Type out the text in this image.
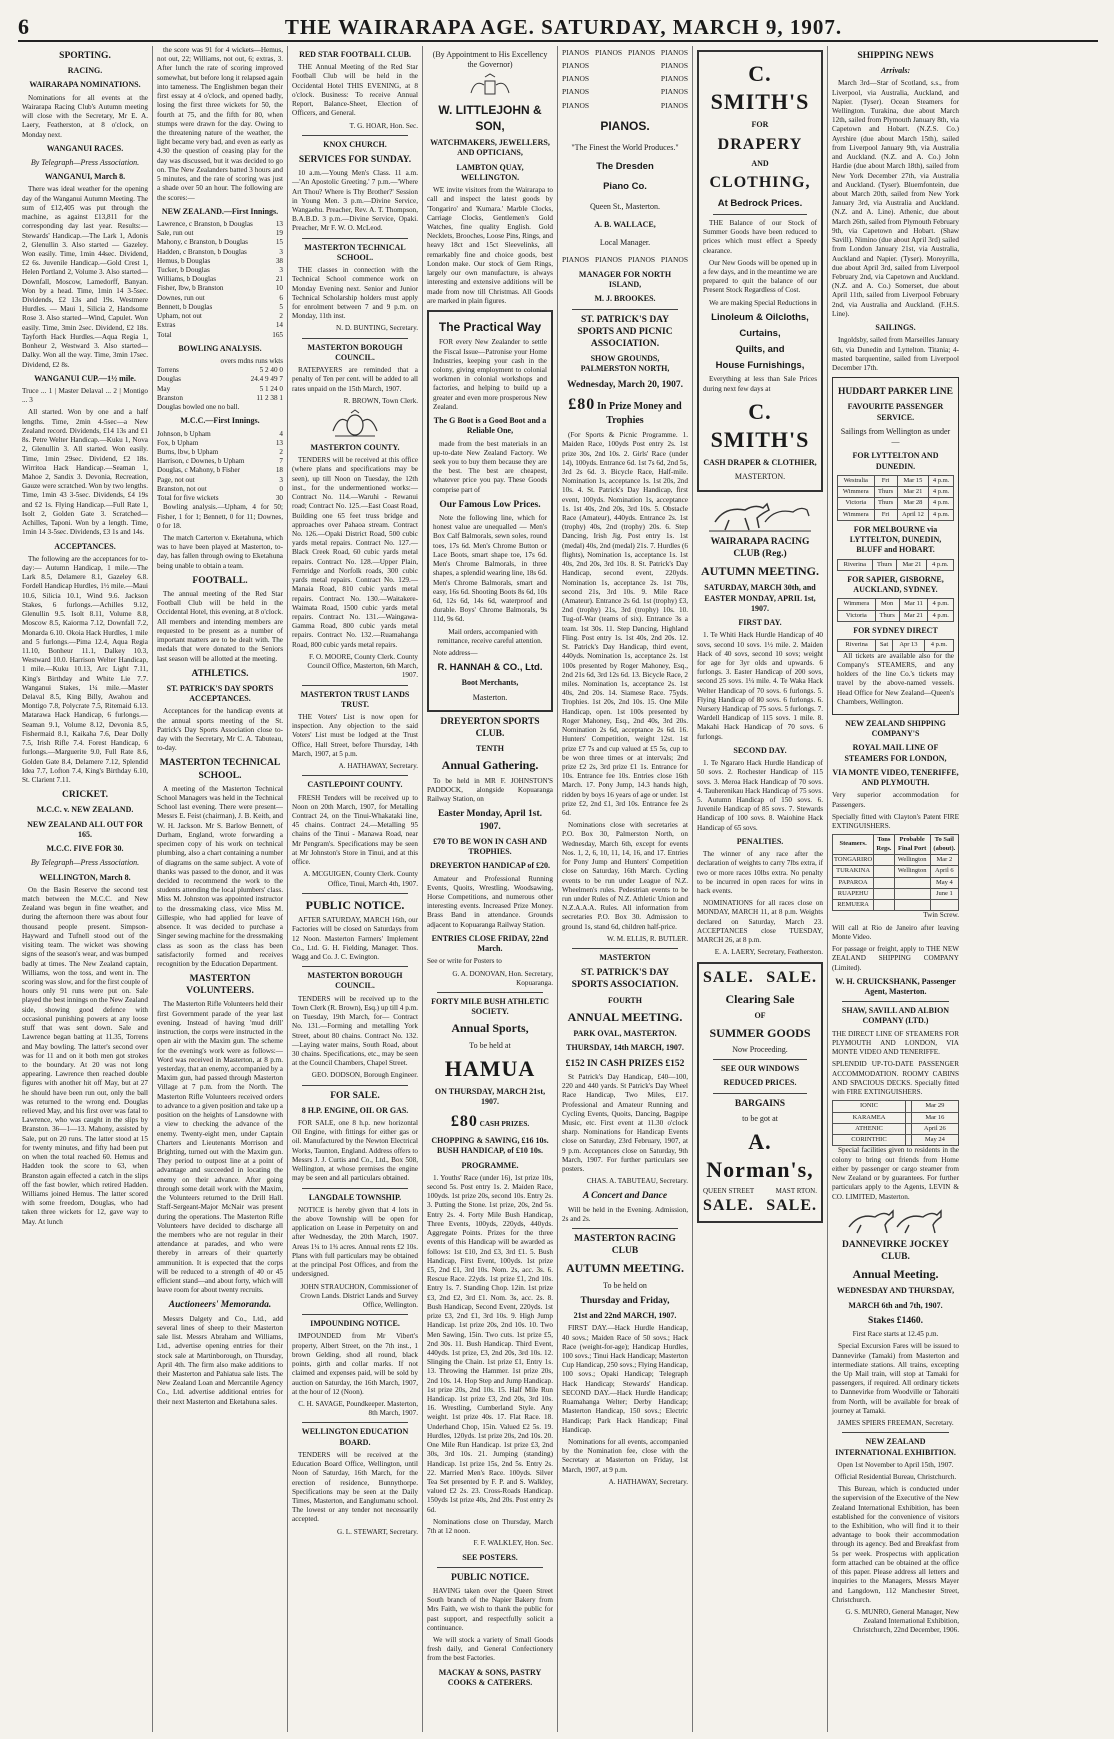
6	THE WAIRARAPA AGE. SATURDAY, MARCH 9, 1907.
SPORTING.
RACING.
WAIRARAPA NOMINATIONS.

Nominations for all events at the Wairarapa Racing Club's Autumn meeting will close with the Secretary, Mr E. A. Laery, Featherston, at 8 o'clock, on Monday next.

WANGANUI RACES.
By Telegraph—Press Association.
WANGANUI, March 8.

There was ideal weather for the opening day of the Wanganui Autumn Meeting. The sum of £12,405 was put through the machine, as against £13,811 for the corresponding day last year. Results:— Stewards' Handicap.—The Lark 1, Adonis 2, Glenullin 3. Also started — Gazeley. Won easily. Time, 1min 44sec. Dividend, £2 6s. Juvenile Handicap.—Gold Crest 1, Helen Portland 2, Volume 3. Also started—Downfall, Moscow, Lamedorff, Banyan. Won by a head. Time, 1min 14 3-5sec. Dividends, £2 13s and 19s. Westmere Hurdles. — Maui 1, Silicia 2, Handsome Rose 3. Also started—Wind, Capulet. Won easily. Time, 3min 2sec. Dividend, £2 18s. Tayforth Hack Hurdles.—Aqua Regia 1, Bonheur 2, Westward 3. Also started—Dalky. Won all the way. Time, 3min 17sec. Dividend, £2 8s.

WANGANUI CUP.—1½ mile.

Truce ... 1 | Master Delaval ... 2 | Montigo ... 3

All started. Won by one and a half lengths. Time, 2min 4-5sec—a New Zealand record. Dividends, £14 13s and £1 8s. Petre Welter Handicap.—Kuku 1, Nova 2, Glenullin 3. All started. Won easily. Time, 1min 29sec. Dividend, £2 18s. Wirritoa Hack Handicap.—Seaman 1, Mahoe 2, Sandix 3. Devonia, Recreation, Gauze were scratched. Won by two lengths. Time, 1min 43 3-5sec. Dividends, £4 19s and £2 1s. Flying Handicap.—Full Rate 1, Isolt 2, Golden Gate 3. Scratched—Achilles, Taponi. Won by a length. Time, 1min 14 3-5sec. Dividends, £3 1s and 14s.

ACCEPTANCES.

The following are the acceptances for to-day:— Autumn Handicap, 1 mile.—The Lark 8.5, Delamere 8.1, Gazeley 6.8. Fordell Handicap Hurdles, 1½ mile.—Maui 10.6, Silicia 10.1, Wind 9.6. Jackson Stakes, 6 furlongs.—Achilles 9.12, Glenullin 9.5. Isolt 8.11, Volume 8.8, Moscow 8.5, Kaiorma 7.12, Downfall 7.2, Monarda 6.10. Okoia Hack Hurdles, 1 mile and 5 furlongs.—Pima 12.4, Aqua Regia 11.10, Bonheur 11.1, Dalkey 10.3, Westward 10.0. Harrison Welter Handicap, 1 mile.—Kuku 10.13, Arc Light 7.11, King's Birthday and White Lie 7.7. Wanganui Stakes, 1¼ mile.—Master Delaval 8.5, King Billy, Awahou and Montigo 7.8, Polycrate 7.5, Ritemaid 6.13. Matarawa Hack Handicap, 6 furlongs.—Seaman 9.1, Volume 8.12, Devonia 8.5, Fishermaid 8.1, Kaikaha 7.6, Dear Dolly 7.5, Irish Rifle 7.4. Forest Handicap, 6 furlongs.—Marguerite 9.0, Full Rate 8.6, Golden Gate 8.4, Delamere 7.12, Splendid Idea 7.7, Lofton 7.4, King's Birthday 6.10, St. Clarient 7.11.

CRICKET.
M.C.C. v. NEW ZEALAND.
NEW ZEALAND ALL OUT FOR 165.
M.C.C. FIVE FOR 30.
By Telegraph—Press Association.
WELLINGTON, March 8.

On the Basin Reserve the second test match between the M.C.C. and New Zealand was begun in fine weather, and during the afternoon there was about four thousand people present. Simpson-Hayward and Tufnell stood out of the visiting team. The wicket was showing signs of the season's wear, and was bumped badly at times. The New Zealand captain, Williams, won the toss, and went in. The scoring was slow, and for the first couple of hours only 91 runs were put on. Sale played the best innings on the New Zealand side, showing good defence with occasional punishing powers at any loose stuff that was sent down. Sale and Lawrence began batting at 11.35, Torrens and May bowling. The latter's second over was for 11 and on it both men got strokes to the boundary. At 20 was not long appearing. Lawrence then reached double figures with another hit off May, but at 27 he should have been run out, only the ball was returned to the wrong end. Douglas relieved May, and his first over was fatal to Lawrence, who was caught in the slips by Branston. 36—1—13. Mahony, assisted by Sale, put on 20 runs. The latter stood at 15 for twenty minutes, and fifty had been put on when the total reached 60. Hemus and Hadden took the score to 63, when Branston again effected a catch in the slips off the fast bowler, which retired Hadden. Williams joined Hemus. The latter scored with some freedom, Douglas, who had taken three wickets for 12, gave way to May. At lunch

the score was 91 for 4 wickets—Hemus, not out, 22; Williams, not out, 6; extras, 3. After lunch the rate of scoring improved somewhat, but before long it relapsed again into tameness. The Englishmen began their first essay at 4 o'clock, and opened badly, losing the first three wickets for 50, the fourth at 75, and the fifth for 80, when stumps were drawn for the day. Owing to the threatening nature of the weather, the light became very bad, and even as early as 4.30 the question of ceasing play for the day was discussed, but it was decided to go on. The New Zealanders batted 3 hours and 5 minutes, and the rate of scoring was just a shade over 50 an hour. The following are the scores:—

NEW ZEALAND.—First Innings.
Lawrence, c Branston, b Douglas	13
Sale, run out	19
Mahony, c Branston, b Douglas	15
Hadden, c Branston, b Douglas	3
Hemus, b Douglas	38
Tucker, b Douglas	3
Williams, b Douglas	21
Fisher, lbw, b Branston	10
Downes, run out	6
Bennett, b Douglas	5
Upham, not out	2
Extras	14
Total	165
BOWLING ANALYSIS.
overs mdns runs wkts
Torrens	5 2 40 0
Douglas	24.4 9 49 7
May	5 1 24 0
Branston	11 2 38 1

Douglas bowled one no ball.

M.C.C.—First Innings.
Johnson, b Upham	4
Fox, b Upham	13
Burns, lbw, b Upham	2
Harrison, c Downes, b Upham	7
Douglas, c Mahony, b Fisher	18
Page, not out	3
Branston, not out	0
Total for five wickets	30

Bowling analysis.—Upham, 4 for 50; Fisher, 1 for 1; Bennett, 0 for 11; Downes, 0 for 18.

The match Carterton v. Eketahuna, which was to have been played at Masterton, to-day, has fallen through owing to Eketahuna being unable to obtain a team.

FOOTBALL.

The annual meeting of the Red Star Football Club will be held in the Occidental Hotel, this evening, at 8 o'clock. All members and intending members are requested to be present as a number of important matters are to be dealt with. The medals that were donated to the Seniors last season will be allotted at the meeting.

ATHLETICS.
ST. PATRICK'S DAY SPORTS ACCEPTANCES.

Acceptances for the handicap events at the annual sports meeting of the St. Patrick's Day Sports Association close to-day with the Secretary, Mr C. A. Tabuteau, to-day.

MASTERTON TECHNICAL SCHOOL.

A meeting of the Masterton Technical School Managers was held in the Technical School last evening. There were present—Messrs E. Feist (chairman), J. B. Keith, and W. H. Jackson. Mr S. Barlow Bennett, of Durham, England, wrote forwarding a specimen copy of his work on technical plumbing, also a chart containing a number of diagrams on the same subject. A vote of thanks was passed to the donor, and it was decided to recommend the work to the students attending the local plumbers' class. Miss M. Johnston was appointed instructor to the dressmaking class, vice Miss M. Gillespie, who had applied for leave of absence. It was decided to purchase a Singer sewing machine for the dressmaking class as soon as the class has been satisfactorily formed and receives recognition by the Education Department.

MASTERTON VOLUNTEERS.

The Masterton Rifle Volunteers held their first Government parade of the year last evening. Instead of having 'mud drill' instruction, the corps were instructed in the open air with the Maxim gun. The scheme for the evening's work were as follows:—Word was received in Masterton, at 8 p.m. yesterday, that an enemy, accompanied by a Maxim gun, had passed through Masterton Village at 7 p.m. from the North. The Masterton Rifle Volunteers received orders to advance to a given position and take up a position on the heights of Lansdowne with a view to checking the advance of the enemy. Twenty-eight men, under Captain Charters and Lieutenants Morrison and Brighting, turned out with the Maxim gun. They period to outpost line at a point of advantage and succeeded in locating the enemy on their advance. After going through some detail work with the Maxim, the Volunteers returned to the Drill Hall. Staff-Sergeant-Major McNair was present during the operations. The Masterton Rifle Volunteers have decided to discharge all the members who are not regular in their attendance at parades, and who were thereby in arrears of their quarterly ammunition. It is expected that the corps will be reduced to a strength of 40 or 45 efficient stand—and about forty, which will leave room for about twenty recruits.

Auctioneers' Memoranda.

Messrs Dalgety and Co., Ltd., add several lines of sheep to their Masterton sale list. Messrs Abraham and Williams, Ltd., advertise opening entries for their stock sale at Martinborough, on Thursday, April 4th. The firm also make additions to their Masterton and Pahiatua sale lists. The New Zealand Loan and Mercantile Agency Co., Ltd. advertise additional entries for their next Masterton and Eketahuna sales.

RED STAR FOOTBALL CLUB.

THE Annual Meeting of the Red Star Football Club will be held in the Occidental Hotel THIS EVENING, at 8 o'clock. Business: To receive Annual Report, Balance-Sheet, Election of Officers, and General.

T. G. HOAR, Hon. Sec.

KNOX CHURCH.
SERVICES FOR SUNDAY.

10 a.m.—Young Men's Class. 11 a.m.—'An Apostolic Greeting.' 7 p.m.—'Where Art Thou? Where is Thy Brother?' Session in Young Men. 3 p.m.—Divine Service, Wangaehu. Preacher, Rev. A. T. Thompson, B.A.B.D. 3 p.m.—Divine Service, Opaki. Preacher, Mr F. W. O. McLeod.

MASTERTON TECHNICAL SCHOOL.

THE classes in connection with the Technical School commence work on Monday Evening next. Senior and Junior Technical Scholarship holders must apply for enrolment between 7 and 9 p.m. on Monday, 11th inst.

N. D. BUNTING, Secretary.

MASTERTON BOROUGH COUNCIL.

RATEPAYERS are reminded that a penalty of Ten per cent. will be added to all rates unpaid on the 15th March, 1907.

R. BROWN, Town Clerk.

MASTERTON COUNTY.

TENDERS will be received at this office (where plans and specifications may be seen), up till Noon on Tuesday, the 12th inst., for the undermentioned works:— Contract No. 114.—Waruhi - Rewanui road; Contract No. 125.—East Coast Road, Building one 65 feet truss bridge and approaches over Pahaoa stream. Contract No. 126.—Opaki District Road, 500 cubic yards metal repairs. Contract No. 127.—Black Creek Road, 60 cubic yards metal repairs. Contract No. 128.—Upper Plain, Fernridge and Norfolk roads, 300 cubic yards metal repairs. Contract No. 129.—Manaia Road, 810 cubic yards metal repairs. Contract No. 130.—Waitakere-Waimata Road, 1500 cubic yards metal repairs. Contract No. 131.—Waingawa-Gamma Road, 800 cubic yards metal repairs. Contract No. 132.—Ruamahanga Road, 800 cubic yards metal repairs.

F. O. MOORE, County Clerk. County Council Office, Masterton, 6th March, 1907.

MASTERTON TRUST LANDS TRUST.

THE Voters' List is now open for inspection. Any objection to the said Voters' List must be lodged at the Trust Office, Hall Street, before Thursday, 14th March, 1907, at 5 p.m.

A. HATHAWAY, Secretary.

CASTLEPOINT COUNTY.

FRESH Tenders will be received up to Noon on 20th March, 1907, for Metalling Contract 24, on the Tinui-Whakataki line, 45 chains. Contract 24.—Metalling 95 chains of the Tinui - Manawa Road, near Mr Pengram's. Specifications may be seen at Mr Johnston's Store in Tinui, and at this office.

A. MCGUIGEN, County Clerk. County Office, Tinui, March 4th, 1907.

PUBLIC NOTICE.

AFTER SATURDAY, MARCH 16th, our Factories will be closed on Saturdays from 12 Noon. Masterton Farmers' Implement Co., Ltd. G. H. Fielding, Manager. Thos. Wagg and Co. J. C. Ewington.

MASTERTON BOROUGH COUNCIL.

TENDERS will be received up to the Town Clerk (R. Brown), Esq.) up till 4 p.m. on Tuesday, 19th March, for— Contract No. 131.—Forming and metalling York Street, about 80 chains. Contract No. 132.—Laying water mains, South Road, about 30 chains. Specifications, etc., may be seen at the Council Chambers, Chapel Street.

GEO. DODSON, Borough Engineer.

FOR SALE.
8 H.P. ENGINE, OIL OR GAS.

FOR SALE, one 8 h.p. new horizontal Oil Engine, with fittings for either gas or oil. Manufactured by the Newton Electrical Works, Taunton, England. Address offers to Messrs J. J. Curtis and Co., Ltd., Box 508, Wellington, at whose premises the engine may be seen and all particulars obtained.

LANGDALE TOWNSHIP.

NOTICE is hereby given that 4 lots in the above Township will be open for application on Lease in Perpetuity on and after Wednesday, the 20th March, 1907. Areas 1¼ to 1¾ acres. Annual rents £2 10s. Plans with full particulars may be obtained at the principal Post Offices, and from the undersigned.

JOHN STRAUCHON, Commissioner of Crown Lands. District Lands and Survey Office, Wellington.

IMPOUNDING NOTICE.

IMPOUNDED from Mr Vibert's property, Albert Street, on the 7th inst., 1 brown Gelding, shod all round, black points, girth and collar marks. If not claimed and expenses paid, will be sold by auction on Saturday, the 16th March, 1907, at the hour of 12 (Noon).

C. H. SAVAGE, Poundkeeper. Masterton, 8th March, 1907.

WELLINGTON EDUCATION BOARD.

TENDERS will be received at the Education Board Office, Wellington, until Noon of Saturday, 16th March, for the erection of residence, Bunnythorpe. Specifications may be seen at the Daily Times, Masterton, and Eanglumanu school. The lowest or any tender not necessarily accepted.

G. L. STEWART, Secretary.

(By Appointment to His Excellency the Governor)
W. LITTLEJOHN & SON,
WATCHMAKERS, JEWELLERS, AND OPTICIANS,
LAMBTON QUAY, WELLINGTON.

WE invite visitors from the Wairarapa to call and inspect the latest goods by 'Tongariro' and 'Kumara.' Marble Clocks, Carriage Clocks, Gentlemen's Gold Watches, fine quality English. Gold Necklets, Brooches, Loose Pins, Rings, and heavy 18ct and 15ct Sleevelinks, all remarkably fine and choice goods, best London make. Our stock of Gem Rings, largely our own manufacture, is always interesting and extensive additions will be made from now till Christmas. All Goods are marked in plain figures.

The Practical Way

FOR every New Zealander to settle the Fiscal Issue—Patronise your Home Industries, keeping your cash in the colony, giving employment to colonial workmen in colonial workshops and factories, and helping to build up a greater and even more prosperous New Zealand.

The G Boot is a Good Boot and a Reliable One,

made from the best materials in an up-to-date New Zealand Factory. We seek you to buy them because they are the best. The best are cheapest, whatever price you pay. These Goods comprise part of

Our Famous Low Prices.

Note the following line, which for honest value are unequalled — Men's Box Calf Balmorals, sewn soles, round toes, 17s 6d. Men's Chrome Button or Lace Boots, smart shape toe, 17s 6d. Men's Chrome Balmorals, in three shapes, a splendid wearing line, 18s 6d. Men's Chrome Balmorals, smart and easy, 16s 6d. Shooting Boots 8s 6d, 10s 6d, 12s 6d, 14s 6d, waterproof and durable. Boys' Chrome Balmorals, 9s 11d, 9s 6d.

Mail orders, accompanied with remittance, receive careful attention.

Note address—

R. HANNAH & CO., Ltd.
Boot Merchants,
Masterton.
DREYERTON SPORTS CLUB.
TENTH
Annual Gathering.

To be held in MR F. JOHNSTON'S PADDOCK, alongside Kopuaranga Railway Station, on

Easter Monday, April 1st. 1907.
£70 TO BE WON IN CASH AND TROPHIES.
DREYERTON HANDICAP of £20.

Amateur and Professional Running Events, Quoits, Wrestling, Woodsawing, Horse Competitions, and numerous other interesting events. Increased Prize Money. Brass Band in attendance. Grounds adjacent to Kopuaranga Railway Station.

ENTRIES CLOSE FRIDAY, 22nd March.

See or write for Posters to

G. A. DONOVAN, Hon. Secretary, Kopuaranga.

FORTY MILE BUSH ATHLETIC SOCIETY.
Annual Sports,
To be held at
HAMUA
ON THURSDAY, MARCH 21st, 1907.
£80 CASH PRIZES.
CHOPPING & SAWING, £16 10s. BUSH HANDICAP, of £10 10s.
PROGRAMME.

1. Youths' Race (under 16), 1st prize 10s, second 5s. Post entry 1s. 2. Maiden Race, 100yds. 1st prize 20s, second 10s. Entry 2s. 3. Putting the Stone. 1st prize, 20s, 2nd 5s. Entry 2s. 4. Forty Mile Bush Handicap, Three Events, 100yds, 220yds, 440yds. Aggregate Points. Prizes for the three events of this Handicap will be awarded as follows: 1st £10, 2nd £3, 3rd £1. 5. Bush Handicap, First Event, 100yds. 1st prize £5, 2nd £1, 3rd 10s. Nom. 2s, acc. 3s. 6. Rescue Race. 22yds. 1st prize £1, 2nd 10s. Entry 1s. 7. Standing Chop. 12in. 1st prize £3, 2nd £2, 3rd £1. Nom. 3s, acc. 2s. 8. Bush Handicap, Second Event, 220yds. 1st prize £3, 2nd £1, 3rd 10s. 9. High Jump Handicap. 1st prize 20s, 2nd 10s. 10. Two Men Sawing, 15in. Two cuts. 1st prize £5, 2nd 30s. 11. Bush Handicap. Third Event, 440yds. 1st prize, £3, 2nd 20s, 3rd 10s. 12. Slinging the Chain. 1st prize £1, Entry 1s. 13. Throwing the Hammer. 1st prize 20s, 2nd 10s. 14. Hop Step and Jump Handicap. 1st prize 20s, 2nd 10s. 15. Half Mile Run Handicap. 1st prize £3, 2nd 20s, 3rd 10s. 16. Wrestling, Cumberland Style. Any weight. 1st prize 40s. 17. Flat Race. 18. Underhand Chop, 15in. Valued £2 5s. 19. Hurdles, 120yds. 1st prize 20s, 2nd 10s. 20. One Mile Run Handicap. 1st prize £3, 2nd 30s, 3rd 10s. 21. Jumping (standing) Handicap. 1st prize 15s, 2nd 5s. Entry 2s. 22. Married Men's Race. 100yds. Silver Tea Set presented by F. P. and S. Walkley, valued £2 2s. 23. Cross-Roads Handicap. 150yds 1st prize 40s, 2nd 20s. Post entry 2s 6d.

Nominations close on Thursday, March 7th at 12 noon.

F. F. WALKLEY, Hon. Sec.

SEE POSTERS.
PUBLIC NOTICE.

HAVING taken over the Queen Street South branch of the Napier Bakery from Mrs Faith, we wish to thank the public for past support, and respectfully solicit a continuance.

We will stock a variety of Small Goods fresh daily, and General Confectionery from the best Factories.

MACKAY & SONS, PASTRY COOKS & CATERERS.
PIANOS PIANOS PIANOS PIANOS
PIANOS	PIANOS
PIANOS	PIANOS
PIANOS	PIANOS
PIANOS	PIANOS
PIANOS.
"The Finest the World Produces."
The Dresden
Piano Co.
Queen St., Masterton.
A. B. WALLACE,
Local Manager.
PIANOS PIANOS PIANOS PIANOS
MANAGER FOR NORTH ISLAND,
M. J. BROOKES.
ST. PATRICK'S DAY SPORTS AND PICNIC ASSOCIATION.
SHOW GROUNDS, PALMERSTON NORTH,
Wednesday, March 20, 1907.
£80 In Prize Money and Trophies

(For Sports & Picnic Programme. 1. Maiden Race, 100yds Post entry 2s. 1st prize 30s, 2nd 10s. 2. Girls' Race (under 14), 100yds. Entrance 6d. 1st 7s 6d, 2nd 5s, 3rd 2s 6d. 3. Bicycle Race, Half-mile. Nomination 1s, acceptance 1s. 1st 20s, 2nd 10s. 4. St. Patrick's Day Handicap, first event, 100yds. Nomination 1s, acceptance 1s. 1st 40s, 2nd 20s, 3rd 10s. 5. Obstacle Race (Amateur), 440yds. Entrance 2s. 1st (trophy) 40s, 2nd (trophy) 20s. 6. Step Dancing, Irish Jig. Post entry 1s. 1st (medal) 40s, 2nd (medal) 21s. 7. Hurdles (6 flights), Nomination 1s, acceptance 1s. 1st 40s, 2nd 20s, 3rd 10s. 8. St. Patrick's Day Handicap, second event, 220yds. Nomination 1s, acceptance 2s. 1st 70s, second 21s, 3rd 10s. 9. Mile Race (Amateur). Entrance 2s 6d. 1st (trophy) £3, 2nd (trophy) 21s, 3rd (trophy) 10s. 10. Tug-of-War (teams of six). Entrance 3s a team. 1st 30s. 11. Step Dancing, Highland Fling. Post entry 1s. 1st 40s, 2nd 20s. 12. St. Patrick's Day Handicap, third event, 440yds. Nomination 1s, acceptance 2s. 1st 100s presented by Roger Mahoney, Esq., 2nd 21s 6d, 3rd 12s 6d. 13. Bicycle Race, 2 miles. Nomination 1s, acceptance 2s. 1st 40s, 2nd 20s. 14. Siamese Race. 75yds. Trophies. 1st 20s, 2nd 10s. 15. One Mile Handicap, open. 1st 100s presented by Roger Mahoney, Esq., 2nd 40s, 3rd 20s. Nomination 2s 6d, acceptance 2s 6d. 16. Hunters' Competition, weight 12st. 1st prize £7 7s and cup valued at £5 5s, cup to be won three times or at intervals; 2nd prize £2 2s, 3rd prize £1 1s. Entrance for 10s. Entrance fee 10s. Entries close 16th March. 17. Pony Jump, 14.3 hands high, ridden by boys 16 years of age or under. 1st prize £2, 2nd £1, 3rd 10s. Entrance fee 2s 6d.

Nominations close with secretaries at P.O. Box 30, Palmerston North, on Wednesday, March 6th, except for events Nos. 1, 2, 6, 10, 11, 14, 16, and 17. Entries for Pony Jump and Hunters' Competition close on Saturday, 16th March. Cycling events to be run under League of N.Z. Wheelmen's rules. Pedestrian events to be run under Rules of N.Z. Athletic Union and N.Z.A.A.A. Rules. All information from secretaries P.O. Box 30. Admission to ground 1s, stand 6d, children half-price.

W. M. ELLIS, R. BUTLER.

MASTERTON
ST. PATRICK'S DAY SPORTS ASSOCIATION.
FOURTH
ANNUAL MEETING.
PARK OVAL, MASTERTON.
THURSDAY, 14th MARCH, 1907.
£152 IN CASH PRIZES £152

St Patrick's Day Handicap, £40—100, 220 and 440 yards. St Patrick's Day Wheel Race Handicap, Two Miles, £17. Professional and Amateur Running and Cycling Events, Quoits, Dancing, Bagpipe Music, etc. First event at 11.30 o'clock sharp. Nominations for Handicap Events close on Saturday, 23rd February, 1907, at 9 p.m. Acceptances close on Saturday, 9th March, 1907. For further particulars see posters.

CHAS. A. TABUTEAU, Secretary.

A Concert and Dance

Will be held in the Evening. Admission, 2s and 2s.

MASTERTON RACING CLUB
AUTUMN MEETING.
To be held on
Thursday and Friday,
21st and 22nd MARCH, 1907.

FIRST DAY.—Hack Hurdle Handicap, 40 sovs.; Maiden Race of 50 sovs.; Hack Race (weight-for-age); Handicap Hurdles, 100 sovs.; Tinui Hack Handicap; Masterton Cup Handicap, 250 sovs.; Flying Handicap, 100 sovs.; Opaki Handicap; Telegraph Hack Handicap; Stewards' Handicap. SECOND DAY.—Hack Hurdle Handicap; Ruamahanga Welter; Derby Handicap; Masterton Handicap, 150 sovs.; Electric Handicap; Park Hack Handicap; Final Handicap.

Nominations for all events, accompanied by the Nomination fee, close with the Secretary at Masterton on Friday, 1st March, 1907, at 9 p.m.

A. HATHAWAY, Secretary.

C. SMITH'S
FOR
DRAPERY
AND
CLOTHING,
At Bedrock Prices.

THE Balance of our Stock of Summer Goods have been reduced to prices which must effect a Speedy clearance.

Our New Goods will be opened up in a few days, and in the meantime we are prepared to quit the balance of our Present Stock Regardless of Cost.

We are making Special Reductions in

Linoleum & Oilcloths,
Curtains,
Quilts, and
House Furnishings,

Everything at less than Sale Prices during next few days at

C. SMITH'S
CASH DRAPER & CLOTHIER,
MASTERTON.
WAIRARAPA RACING CLUB (Reg.)
AUTUMN MEETING.
SATURDAY, MARCH 30th, and EASTER MONDAY, APRIL 1st, 1907.
FIRST DAY.

1. Te Whiti Hack Hurdle Handicap of 40 sovs, second 10 sovs. 1½ mile. 2. Maiden Hack of 40 sovs, second 10 sovs; weight for age for 3yr olds and upwards. 6 furlongs. 3. Easter Handicap of 200 sovs, second 25 sovs. 1¼ mile. 4. Te Waka Hack Welter Handicap of 70 sovs. 6 furlongs. 5. Flying Handicap of 80 sovs. 6 furlongs. 6. Nursery Handicap of 75 sovs. 5 furlongs. 7. Wardell Handicap of 115 sovs. 1 mile. 8. Makahi Hack Handicap of 70 sovs. 6 furlongs.

SECOND DAY.

1. Te Ngararo Hack Hurdle Handicap of 50 sovs. 2. Rochester Handicap of 115 sovs. 3. Meroa Hack Handicap of 70 sovs. 4. Tauherenikau Hack Handicap of 75 sovs. 5. Autumn Handicap of 150 sovs. 6. Juvenile Handicap of 85 sovs. 7. Stewards Handicap of 100 sovs. 8. Waiohine Hack Handicap of 65 sovs.

PENALTIES.

The winner of any race after the declaration of weights to carry 7lbs extra, if two or more races 10lbs extra. No penalty to be incurred in open races for wins in hack events.

NOMINATIONS for all races close on MONDAY, MARCH 11, at 8 p.m. Weights declared on Saturday, March 23. ACCEPTANCES close TUESDAY, MARCH 26, at 8 p.m.

E. A. LAERY, Secretary, Featherston.

SALE. SALE.
Clearing Sale
OF
SUMMER GOODS
Now Proceeding.
SEE OUR WINDOWS
REDUCED PRICES.
BARGAINS
to be got at
A. Norman's,
QUEEN STREET	MAST RTON.
SALE. SALE.
SHIPPING NEWS
Arrivals:

March 3rd—Star of Scotland, s.s., from Liverpool, via Australia, Auckland, and Napier. (Tyser). Ocean Steamers for Wellington. Turakina, due about March 12th, sailed from Plymouth January 8th, via Capetown and Hobart. (N.Z.S. Co.) Ayrshire (due about March 15th), sailed from Liverpool January 9th, via Australia and Auckland. (N.Z. and A. Co.) John Hardie (due about March 18th), sailed from New York December 27th, via Australia and Auckland. (Tyser). Bluemfontein, due about March 20th, sailed from New York January 3rd, via Australia and Auckland. (N.Z. and A. Line). Athenic, due about March 26th, sailed from Plymouth February 9th, via Capetown and Hobart. (Shaw Savill). Nimino (due about April 3rd) sailed from London January 21st, via Australia, Auckland and Napier. (Tyser). Moreyrilla, due about April 3rd, sailed from Liverpool February 2nd, via Capetown and Auckland. (N.Z. and A. Co.) Somerset, due about April 11th, sailed from Liverpool February 2nd, via Australia and Auckland. (F.H.S. Line).

SAILINGS.

Ingoldsby, sailed from Marseilles January 6th, via Dunedin and Lyttelton. Titania; 4-masted barquentine, sailed from Liverpool December 17th.

HUDDART PARKER LINE
FAVOURITE PASSENGER SERVICE.
Sailings from Wellington as under —
FOR LYTTELTON AND DUNEDIN.
Westralia	Fri	Mar 15	4 p.m.
Wimmera	Thurs	Mar 21	4 p.m.
Victoria	Thurs	Mar 28	4 p.m.
Wimmera	Fri	April 12	4 p.m.
FOR MELBOURNE via LYTTELTON, DUNEDIN, BLUFF and HOBART.
Riverina	Thurs	Mar 21	4 p.m.
FOR SAPIER, GISBORNE, AUCKLAND, SYDNEY.
Wimmera	Mon	Mar 11	4 p.m.
Victoria	Thurs	Mar 21	4 p.m.
FOR SYDNEY DIRECT
Riverina	Sat	Apr 13	4 p.m.

All tickets are available also for the Company's STEAMERS, and any holders of the line Co.'s tickets may travel by the above-named vessels. Head Office for New Zealand—Queen's Chambers, Wellington.

NEW ZEALAND SHIPPING COMPANY'S
ROYAL MAIL LINE OF STEAMERS FOR LONDON,
VIA MONTE VIDEO, TENERIFFE, AND PLYMOUTH.

Very superior accommodation for Passengers.

Specially fitted with Clayton's Patent FIRE EXTINGUISHERS.

Steamers.	Tons Regs.	Probable Final Port	To Sail (about).
TONGARIRO		Wellington	Mar 2
TURAKINA		Wellington	April 6
PAPAROA			May 4
RUAPEHU			June 1
REMUERA			

Twin Screw.

Will call at Rio de Janeiro after leaving Monte Video.

For passage or freight, apply to THE NEW ZEALAND SHIPPING COMPANY (Limited).

W. H. CRUICKSHANK, Passenger Agent, Masterton.
SHAW, SAVILL AND ALBION COMPANY (LTD.)

THE DIRECT LINE OF STEAMERS FOR PLYMOUTH AND LONDON, VIA MONTE VIDEO AND TENERIFFE.

SPLENDID UP-TO-DATE PASSENGER ACCOMMODATION. ROOMY CABINS AND SPACIOUS DECKS. Specially fitted with FIRE EXTINGUISHERS.

IONIC		Mar 29
KARAMEA		Mar 16
ATHENIC		April 26
CORINTHIC		May 24

Special facilities given to residents in the colony to bring out friends from Home either by passenger or cargo steamer from New Zealand or by guarantees. For further particulars apply to the Agents, LEVIN & CO. LIMITED, Masterton.

DANNEVIRKE JOCKEY CLUB.
Annual Meeting.
WEDNESDAY AND THURSDAY,
MARCH 6th and 7th, 1907.
Stakes £1460.

First Race starts at 12.45 p.m.

Special Excursion Fares will be issued to Dannevirke (Tamaki) from Masterton and intermediate stations. All trains, excepting the Up Mail train, will stop at Tamaki for passengers, if required. All ordinary tickets to Dannevirke from Woodville or Tahoraiti from North, will be available for break of journey at Tamaki.

JAMES SPIERS FREEMAN, Secretary.

NEW ZEALAND INTERNATIONAL EXHIBITION.

Open 1st November to April 15th, 1907.

Official Residential Bureau, Christchurch.

This Bureau, which is conducted under the supervision of the Executive of the New Zealand International Exhibition, has been established for the convenience of visitors to the Exhibition, who will find it to their advantage to book their accommodation through its agency. Bed and Breakfast from 5s per week. Prospectus with application form attached can be obtained at the office of this paper. Please address all letters and inquiries to the Managers, Messrs Mayer and Langdown, 112 Manchester Street, Christchurch.

G. S. MUNRO, General Manager, New Zealand International Exhibition, Christchurch, 22nd December, 1906.
